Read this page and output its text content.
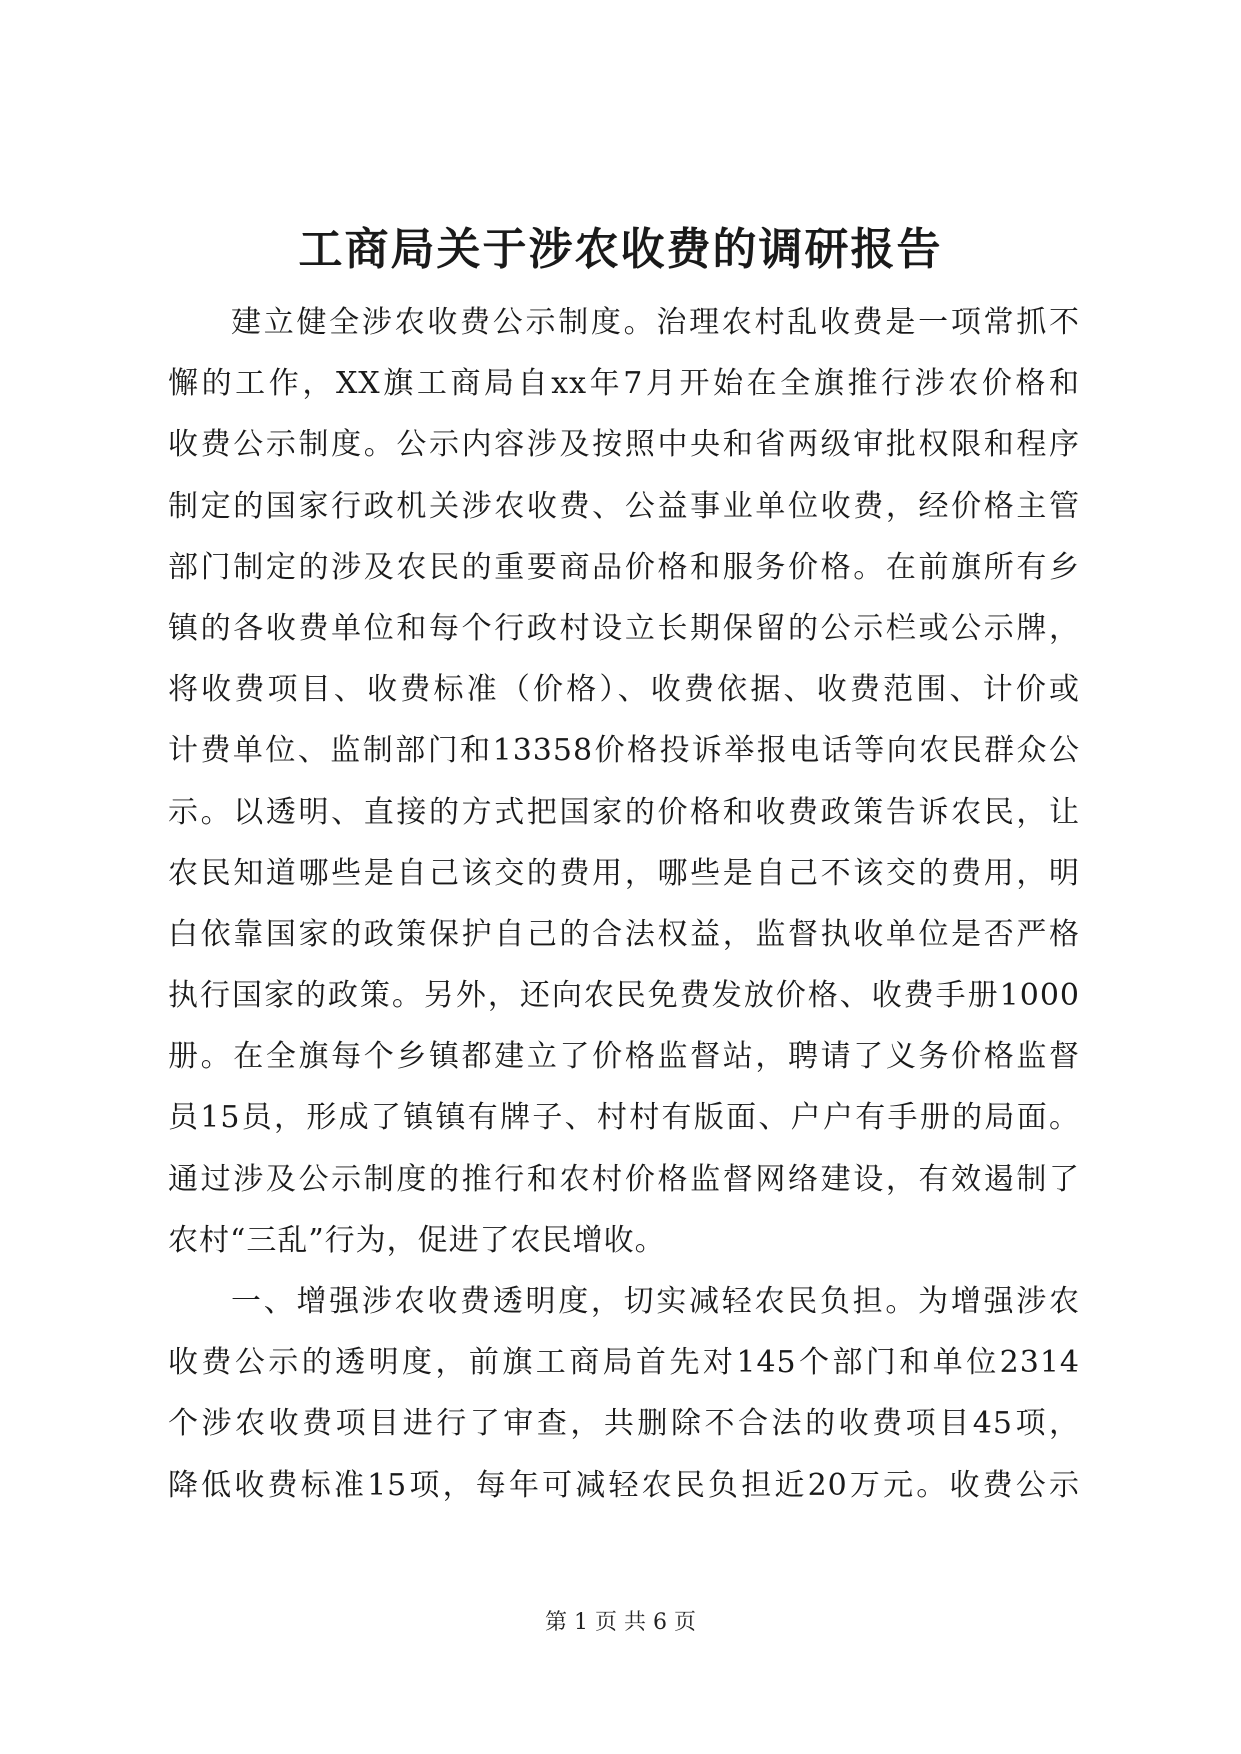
工商局关于涉农收费的调研报告
建立健全涉农收费公示制度。治理农村乱收费是一项常抓不
懈的工作，XX旗工商局自xx年7月开始在全旗推行涉农价格和
收费公示制度。公示内容涉及按照中央和省两级审批权限和程序
制定的国家行政机关涉农收费、公益事业单位收费，经价格主管
部门制定的涉及农民的重要商品价格和服务价格。在前旗所有乡
镇的各收费单位和每个行政村设立长期保留的公示栏或公示牌，
将收费项目、收费标准（价格）、收费依据、收费范围、计价或
计费单位、监制部门和13358价格投诉举报电话等向农民群众公
示。以透明、直接的方式把国家的价格和收费政策告诉农民，让
农民知道哪些是自己该交的费用，哪些是自己不该交的费用，明
白依靠国家的政策保护自己的合法权益，监督执收单位是否严格
执行国家的政策。另外，还向农民免费发放价格、收费手册1000
册。在全旗每个乡镇都建立了价格监督站，聘请了义务价格监督
员15员，形成了镇镇有牌子、村村有版面、户户有手册的局面。
通过涉及公示制度的推行和农村价格监督网络建设，有效遏制了
农村“三乱”行为，促进了农民增收。
一、增强涉农收费透明度，切实减轻农民负担。为增强涉农
收费公示的透明度，前旗工商局首先对145个部门和单位2314
个涉农收费项目进行了审查，共删除不合法的收费项目45项，
降低收费标准15项，每年可减轻农民负担近20万元。收费公示
第 1 页 共 6 页
